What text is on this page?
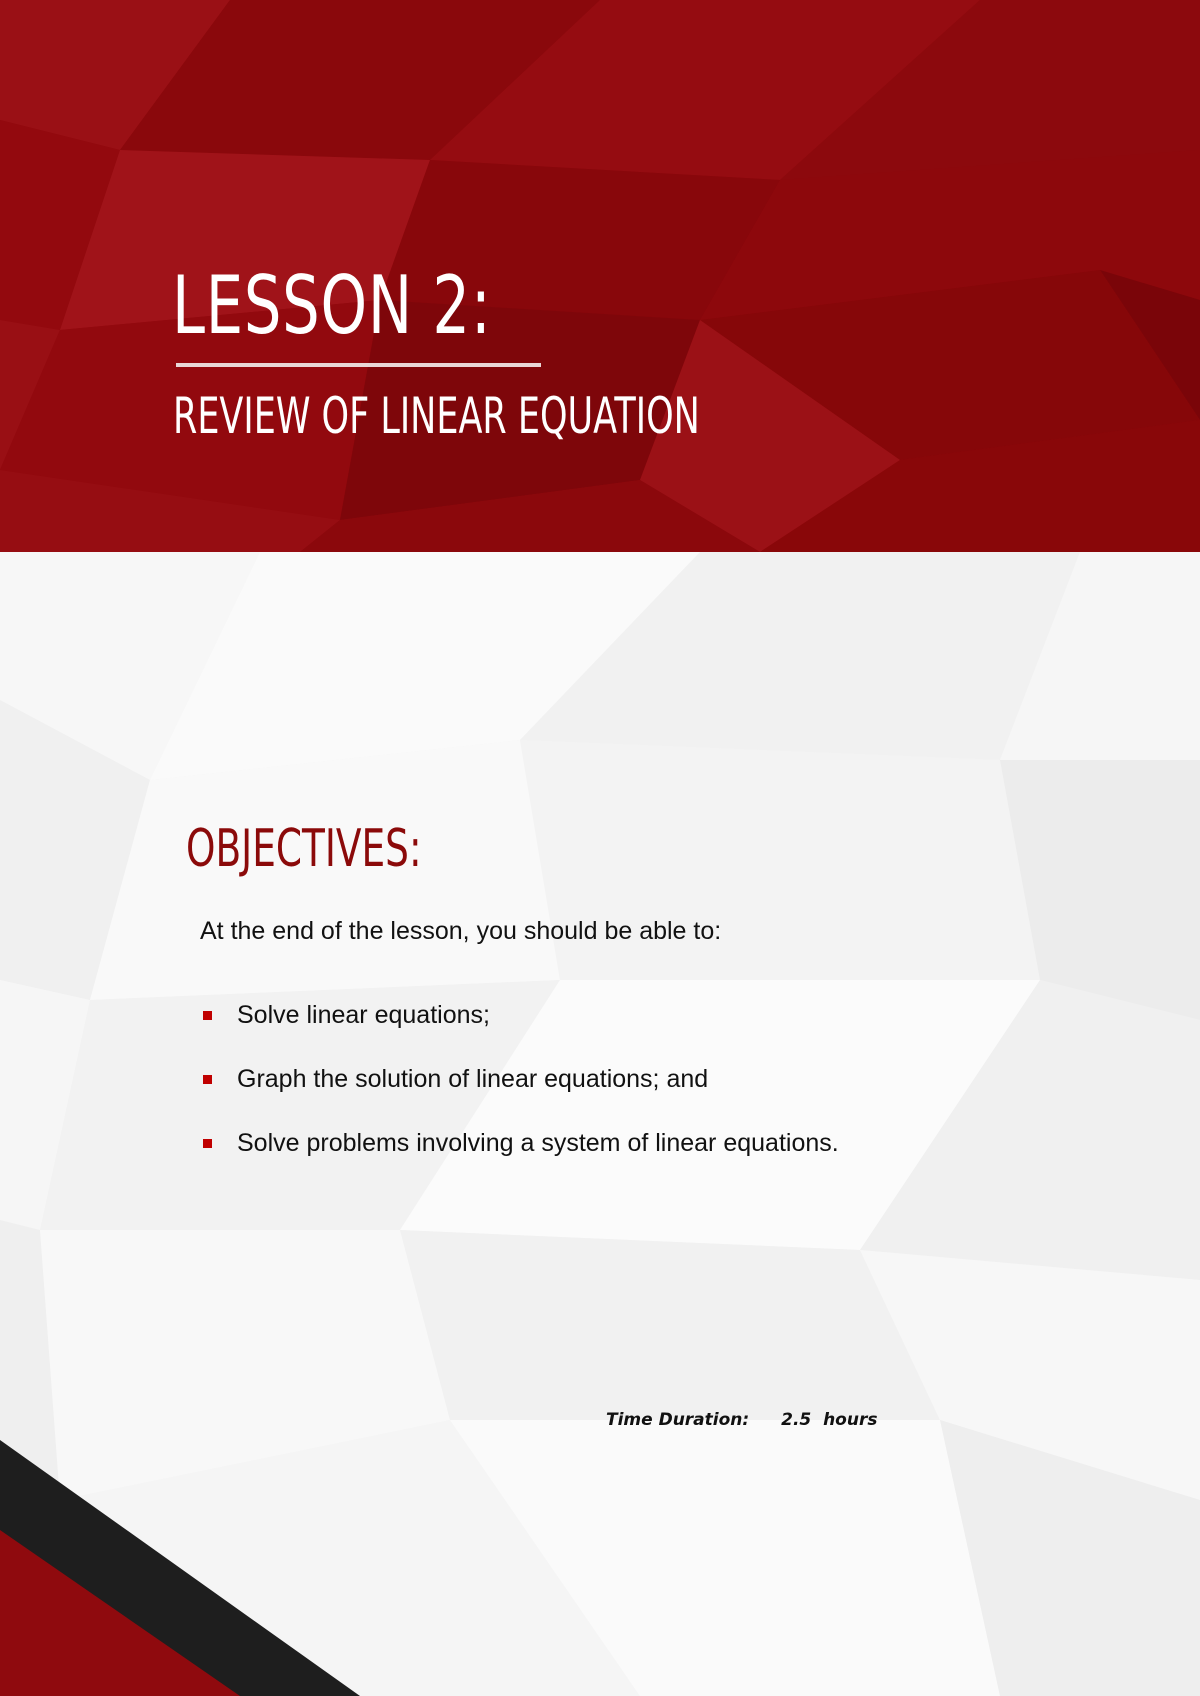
LESSON 2:
REVIEW OF LINEAR EQUATION
OBJECTIVES:

At the end of the lesson, you should be able to:

Solve linear equations;
Graph the solution of linear equations; and
Solve problems involving a system of linear equations.
Time Duration: 2.5  hours
